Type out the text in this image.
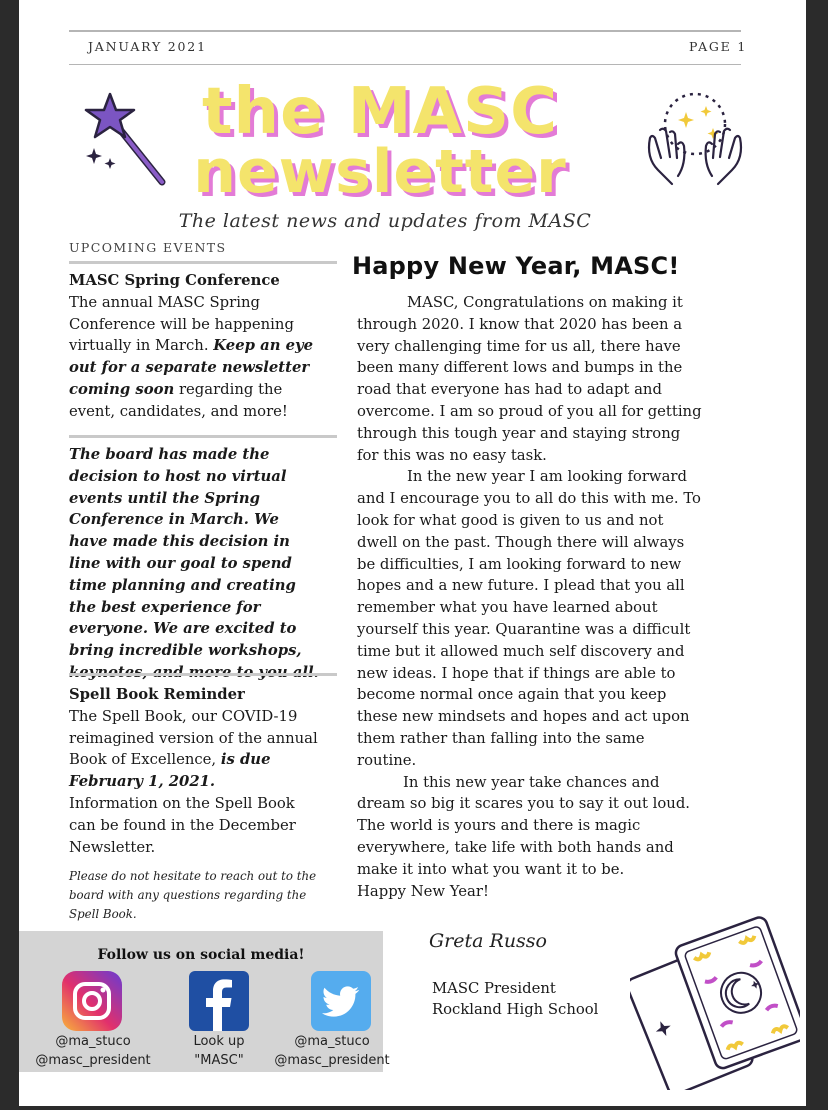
JANUARY 2021	PAGE 1
the MASC
newsletter
The latest news and updates from MASC
UPCOMING EVENTS
MASC Spring Conference
The annual MASC Spring Conference will be happening virtually in March. Keep an eye out for a separate newsletter coming soon regarding the event, candidates, and more!
The board has made the decision to host no virtual events until the Spring Conference in March. We have made this decision in line with our goal to spend time planning and creating the best experience for everyone. We are excited to bring incredible workshops,
Spell Book Reminder
The Spell Book, our COVID-19 reimagined version of the annual Book of Excellence, is due February 1, 2021.
Information on the Spell Book can be found in the December Newsletter.
Please do not hesitate to reach out to the board with any questions regarding the Spell Book.
Happy New Year, MASC!

MASC, Congratulations on making it through 2020. I know that 2020 has been a very challenging time for us all, there have been many different lows and bumps in the road that everyone has had to adapt and overcome. I am so proud of you all for getting through this tough year and staying strong for this was no easy task.

In the new year I am looking forward and I encourage you to all do this with me. To look for what good is given to us and not dwell on the past. Though there will always be difficulties, I am looking forward to new hopes and a new future. I plead that you all remember what you have learned about yourself this year. Quarantine was a difficult time but it allowed much self discovery and new ideas. I hope that if things are able to become normal once again that you keep these new mindsets and hopes and act upon them rather than falling into the same routine.

In this new year take chances and dream so big it scares you to say it out loud. The world is yours and there is magic everywhere, take life with both hands and make it into what you want it to be.

Happy New Year!

Follow us on social media!
@ma_stuco
@masc_president
Look up
"MASC"
@ma_stuco
@masc_president
Greta Russo
MASC President
Rockland High School
